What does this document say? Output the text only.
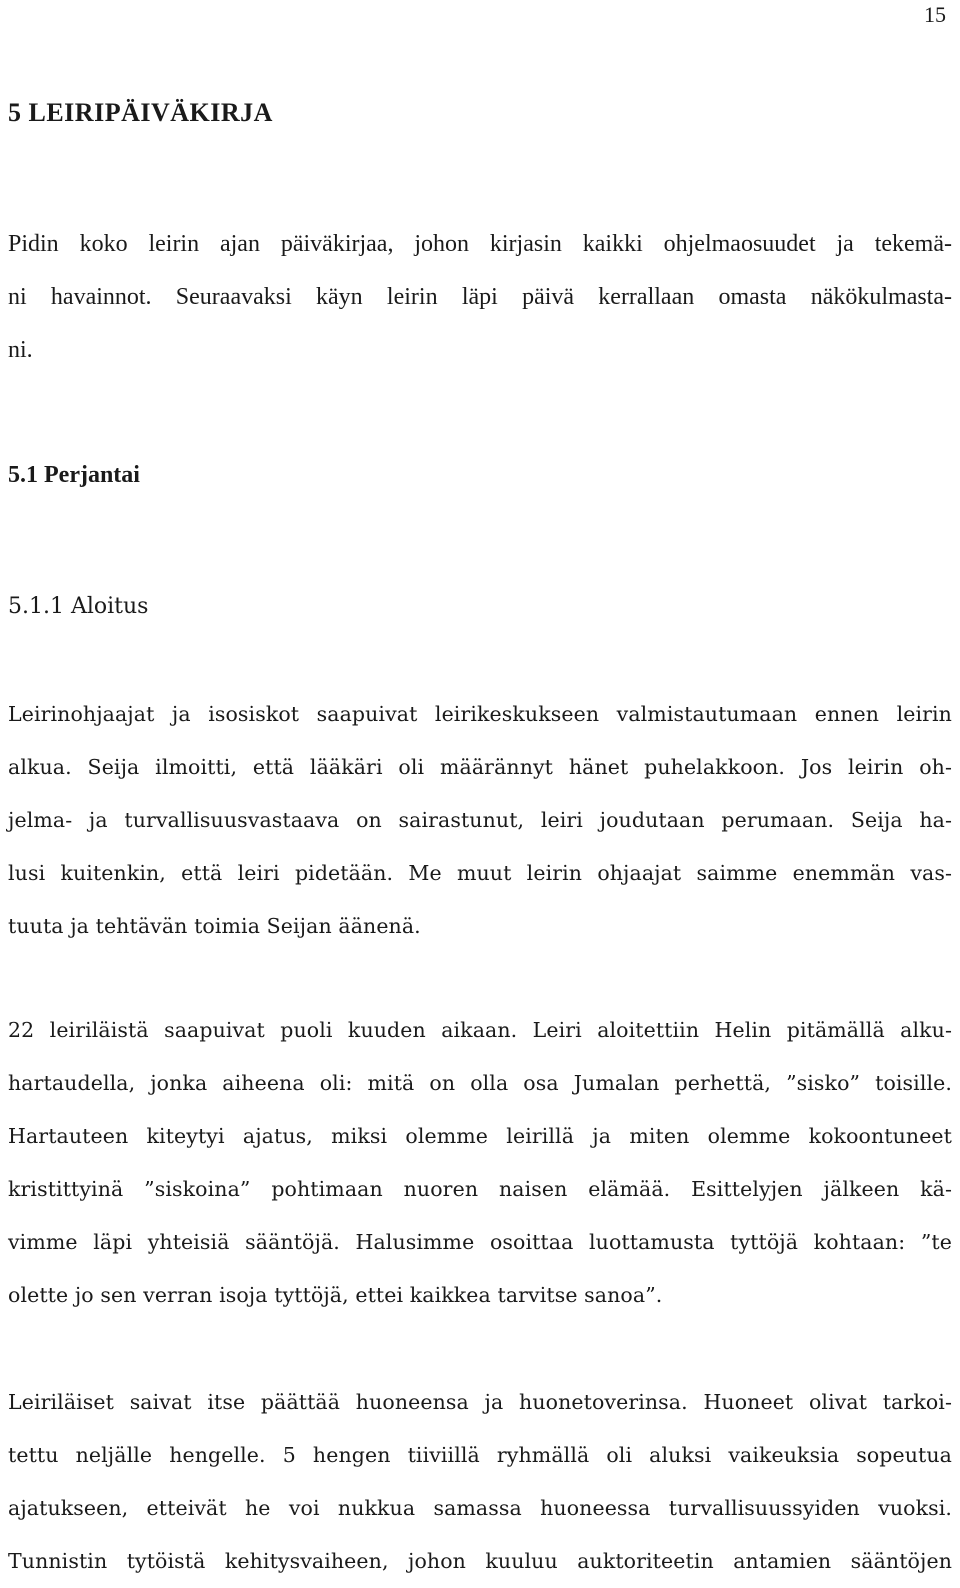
15
5 LEIRIPÄIVÄKIRJA
Pidin koko leirin ajan päiväkirjaa, johon kirjasin kaikki ohjelmaosuudet ja tekemä-
ni havainnot. Seuraavaksi käyn leirin läpi päivä kerrallaan omasta näkökulmasta-
ni.
5.1 Perjantai
5.1.1 Aloitus
Leirinohjaajat ja isosiskot saapuivat leirikeskukseen valmistautumaan ennen leirin
alkua. Seija ilmoitti, että lääkäri oli määrännyt hänet puhelakkoon. Jos leirin oh-
jelma- ja turvallisuusvastaava on sairastunut, leiri joudutaan perumaan. Seija ha-
lusi kuitenkin, että leiri pidetään. Me muut leirin ohjaajat saimme enemmän vas-
tuuta ja tehtävän toimia Seijan äänenä.
22 leiriläistä saapuivat puoli kuuden aikaan. Leiri aloitettiin Helin pitämällä alku-
hartaudella, jonka aiheena oli: mitä on olla osa Jumalan perhettä, ”sisko” toisille.
Hartauteen kiteytyi ajatus, miksi olemme leirillä ja miten olemme kokoontuneet
kristittyinä ”siskoina” pohtimaan nuoren naisen elämää. Esittelyjen jälkeen kä-
vimme läpi yhteisiä sääntöjä. Halusimme osoittaa luottamusta tyttöjä kohtaan: ”te
olette jo sen verran isoja tyttöjä, ettei kaikkea tarvitse sanoa”.
Leiriläiset saivat itse päättää huoneensa ja huonetoverinsa. Huoneet olivat tarkoi-
tettu neljälle hengelle. 5 hengen tiiviillä ryhmällä oli aluksi vaikeuksia sopeutua
ajatukseen, etteivät he voi nukkua samassa huoneessa turvallisuussyiden vuoksi.
Tunnistin tytöistä kehitysvaiheen, johon kuuluu auktoriteetin antamien sääntöjen
